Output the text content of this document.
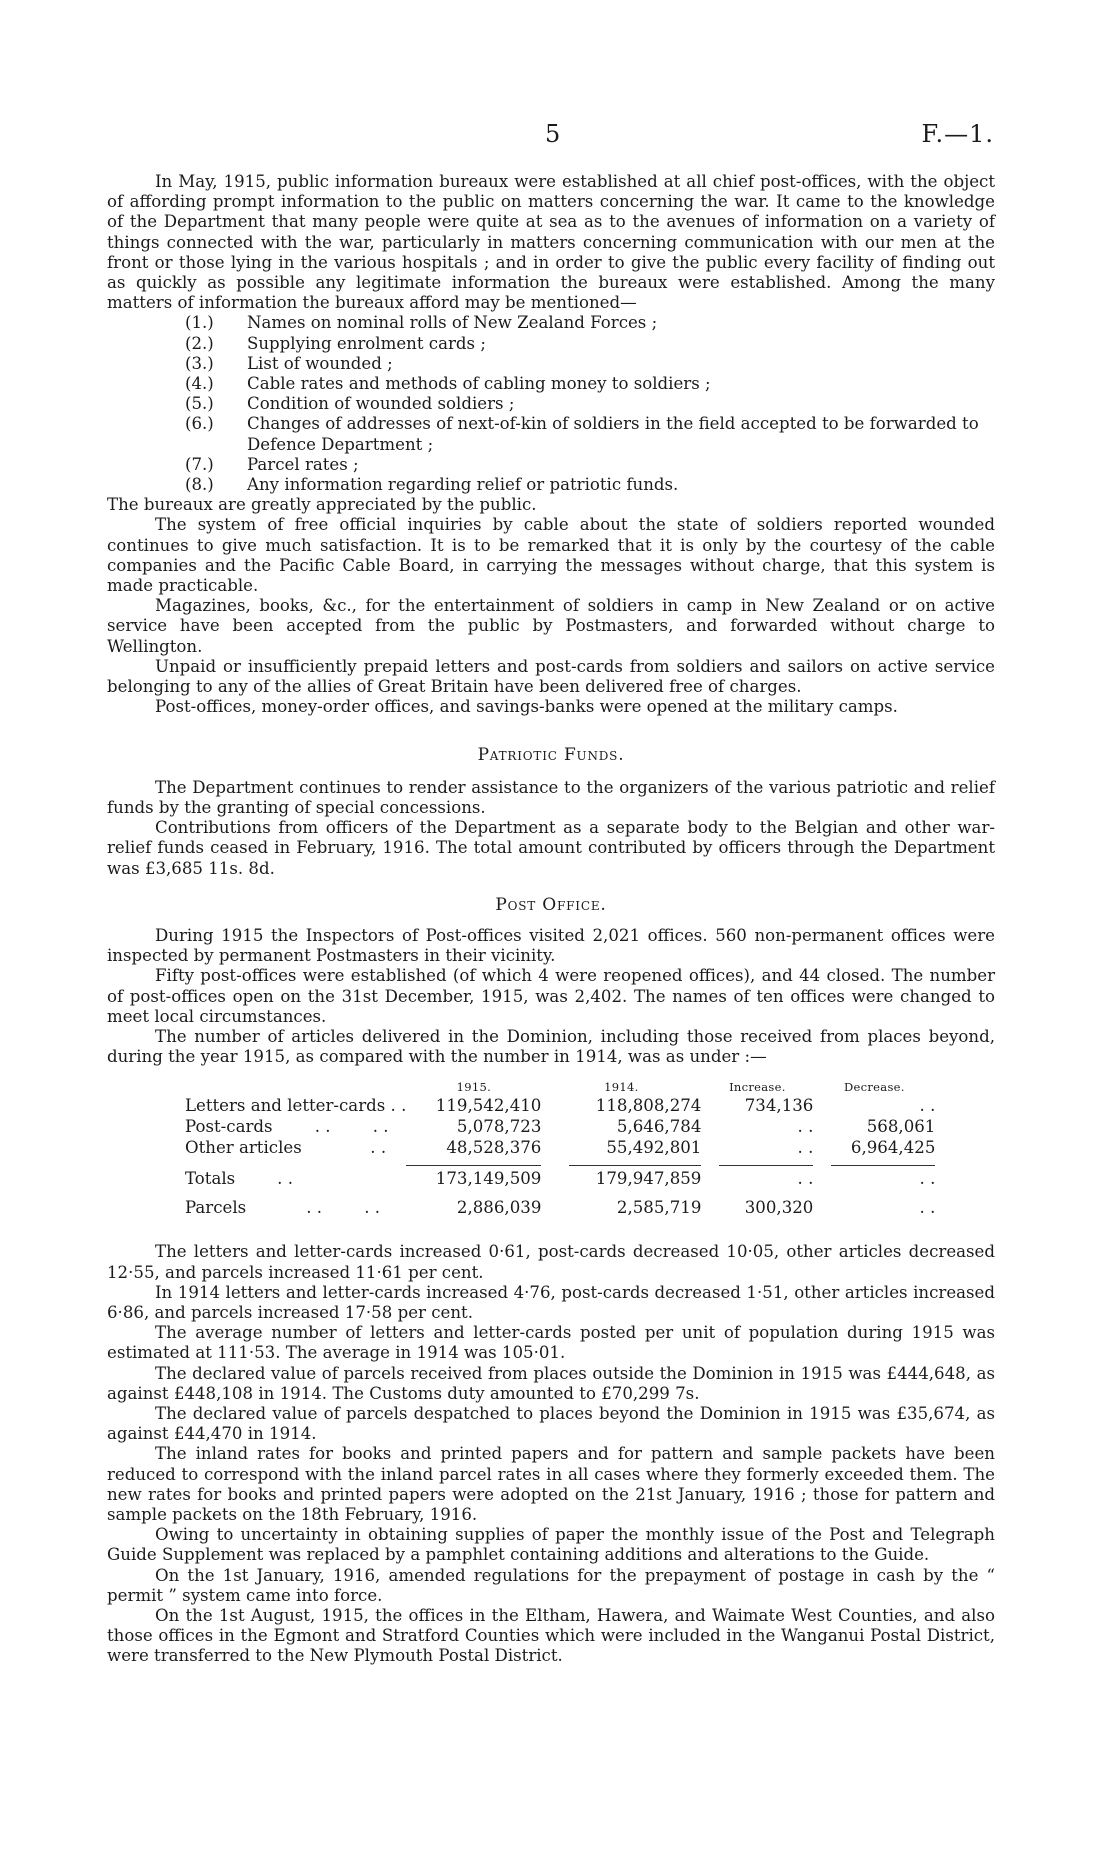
5	F.—1.

In May, 1915, public information bureaux were established at all chief post-offices, with the object of affording prompt information to the public on matters concerning the war. It came to the knowledge of the Department that many people were quite at sea as to the avenues of information on a variety of things connected with the war, particularly in matters concerning communication with our men at the front or those lying in the various hospitals ; and in order to give the public every facility of finding out as quickly as possible any legitimate information the bureaux were established. Among the many matters of information the bureaux afford may be mentioned—

(1.) Names on nominal rolls of New Zealand Forces ;
(2.) Supplying enrolment cards ;
(3.) List of wounded ;
(4.) Cable rates and methods of cabling money to soldiers ;
(5.) Condition of wounded soldiers ;
(6.) Changes of addresses of next-of-kin of soldiers in the field accepted to be forwarded to Defence Department ;
(7.) Parcel rates ;
(8.) Any information regarding relief or patriotic funds.

The bureaux are greatly appreciated by the public.

The system of free official inquiries by cable about the state of soldiers reported wounded continues to give much satisfaction. It is to be remarked that it is only by the courtesy of the cable companies and the Pacific Cable Board, in carrying the messages without charge, that this system is made practicable.

Magazines, books, &c., for the entertainment of soldiers in camp in New Zealand or on active service have been accepted from the public by Postmasters, and forwarded without charge to Wellington.

Unpaid or insufficiently prepaid letters and post-cards from soldiers and sailors on active service belonging to any of the allies of Great Britain have been delivered free of charges.

Post-offices, money-order offices, and savings-banks were opened at the military camps.

Patriotic Funds.

The Department continues to render assistance to the organizers of the various patriotic and relief funds by the granting of special concessions.

Contributions from officers of the Department as a separate body to the Belgian and other war-relief funds ceased in February, 1916. The total amount contributed by officers through the Department was £3,685 11s. 8d.

Post Office.

During 1915 the Inspectors of Post-offices visited 2,021 offices. 560 non-permanent offices were inspected by permanent Postmasters in their vicinity.

Fifty post-offices were established (of which 4 were reopened offices), and 44 closed. The number of post-offices open on the 31st December, 1915, was 2,402. The names of ten offices were changed to meet local circumstances.

The number of articles delivered in the Dominion, including those received from places beyond, during the year 1915, as compared with the number in 1914, was as under :—

	1915.	1914.	Increase.	Decrease.
Letters and letter-cards . .	119,542,410	118,808,274	734,136	. .
Post-cards        . .        . .	5,078,723	5,646,784	. .	568,061
Other articles             . .	48,528,376	55,492,801	. .	6,964,425

Totals . .	173,149,509	179,947,859	. .	. .

Parcels . .        . .	2,886,039	2,585,719	300,320	. .

The letters and letter-cards increased 0·61, post-cards decreased 10·05, other articles decreased 12·55, and parcels increased 11·61 per cent.

In 1914 letters and letter-cards increased 4·76, post-cards decreased 1·51, other articles increased 6·86, and parcels increased 17·58 per cent.

The average number of letters and letter-cards posted per unit of population during 1915 was estimated at 111·53. The average in 1914 was 105·01.

The declared value of parcels received from places outside the Dominion in 1915 was £444,648, as against £448,108 in 1914. The Customs duty amounted to £70,299 7s.

The declared value of parcels despatched to places beyond the Dominion in 1915 was £35,674, as against £44,470 in 1914.

The inland rates for books and printed papers and for pattern and sample packets have been reduced to correspond with the inland parcel rates in all cases where they formerly exceeded them. The new rates for books and printed papers were adopted on the 21st January, 1916 ; those for pattern and sample packets on the 18th February, 1916.

Owing to uncertainty in obtaining supplies of paper the monthly issue of the Post and Telegraph Guide Supplement was replaced by a pamphlet containing additions and alterations to the Guide.

On the 1st January, 1916, amended regulations for the prepayment of postage in cash by the “ permit ” system came into force.

On the 1st August, 1915, the offices in the Eltham, Hawera, and Waimate West Counties, and also those offices in the Egmont and Stratford Counties which were included in the Wanganui Postal District, were transferred to the New Plymouth Postal District.
